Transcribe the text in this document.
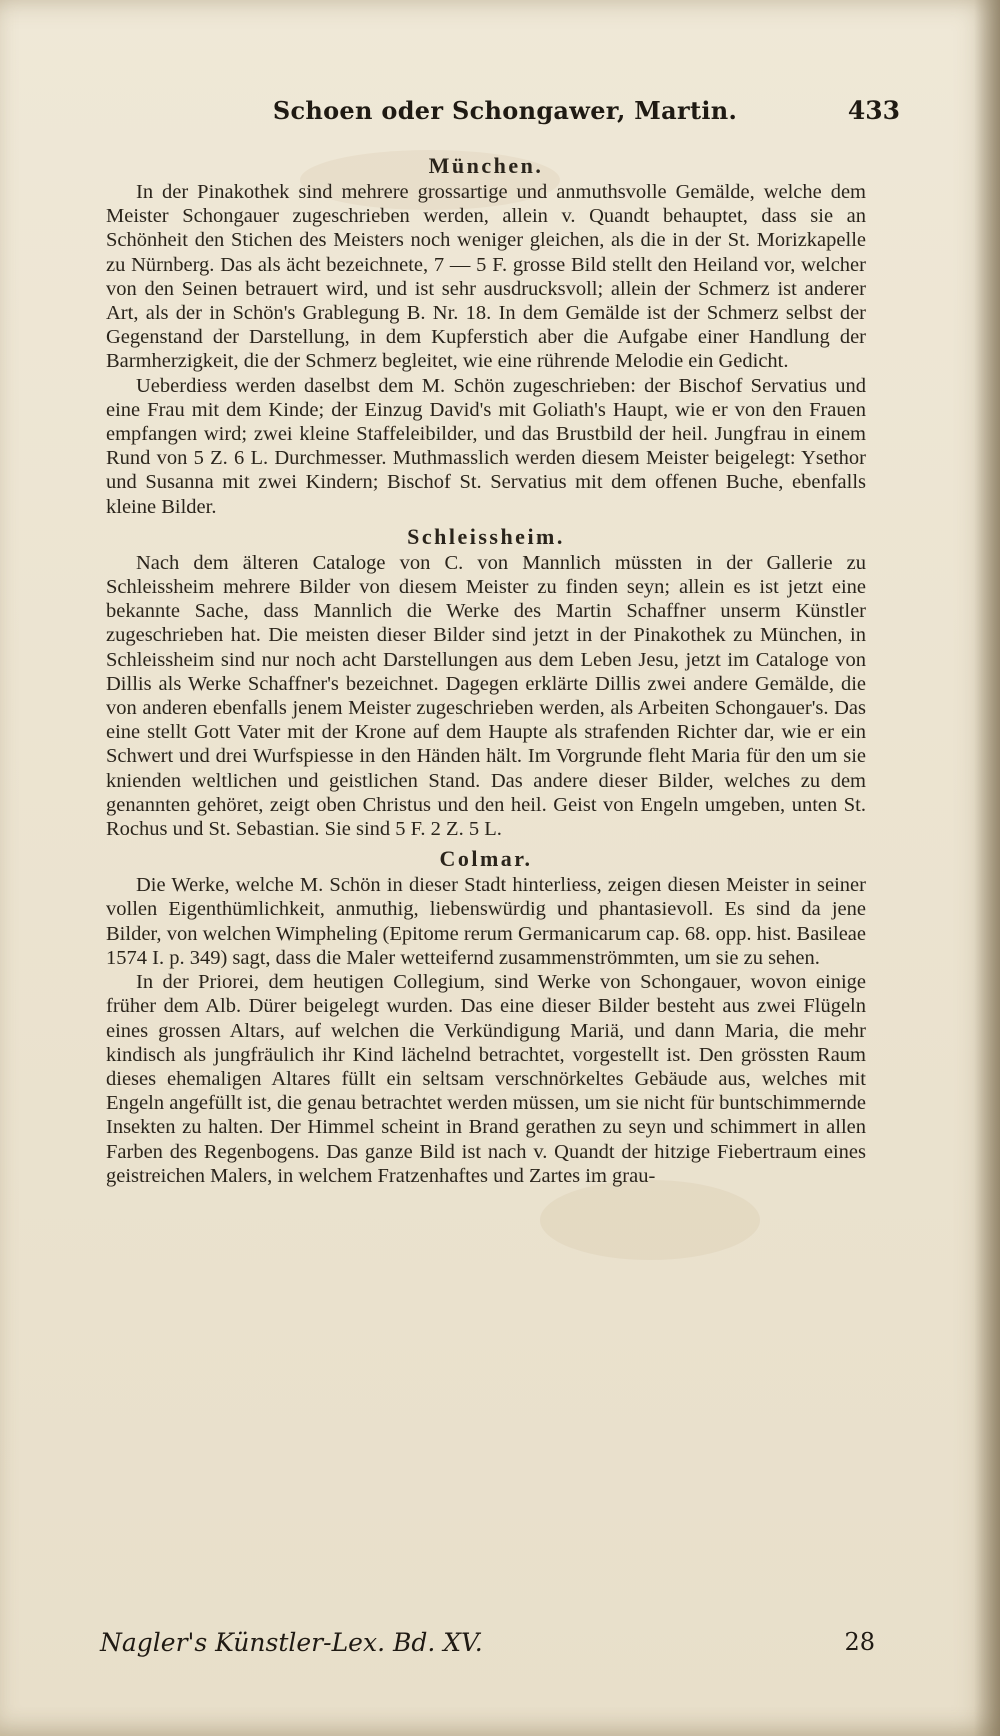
Schoen oder Schongawer, Martin.	433

München.

In der Pinakothek sind mehrere grossartige und anmuthsvolle Gemälde, welche dem Meister Schongauer zugeschrieben werden, allein v. Quandt behauptet, dass sie an Schönheit den Stichen des Meisters noch weniger gleichen, als die in der St. Morizkapelle zu Nürnberg. Das als ächt bezeichnete, 7 — 5 F. grosse Bild stellt den Heiland vor, welcher von den Seinen betrauert wird, und ist sehr ausdrucksvoll; allein der Schmerz ist anderer Art, als der in Schön's Grablegung B. Nr. 18. In dem Gemälde ist der Schmerz selbst der Gegenstand der Darstellung, in dem Kupferstich aber die Aufgabe einer Handlung der Barmherzigkeit, die der Schmerz begleitet, wie eine rührende Melodie ein Gedicht.

Ueberdiess werden daselbst dem M. Schön zugeschrieben: der Bischof Servatius und eine Frau mit dem Kinde; der Einzug David's mit Goliath's Haupt, wie er von den Frauen empfangen wird; zwei kleine Staffeleibilder, und das Brustbild der heil. Jungfrau in einem Rund von 5 Z. 6 L. Durchmesser. Muthmasslich werden diesem Meister beigelegt: Ysethor und Susanna mit zwei Kindern; Bischof St. Servatius mit dem offenen Buche, ebenfalls kleine Bilder.

Schleissheim.

Nach dem älteren Cataloge von C. von Mannlich müssten in der Gallerie zu Schleissheim mehrere Bilder von diesem Meister zu finden seyn; allein es ist jetzt eine bekannte Sache, dass Mannlich die Werke des Martin Schaffner unserm Künstler zugeschrieben hat. Die meisten dieser Bilder sind jetzt in der Pinakothek zu München, in Schleissheim sind nur noch acht Darstellungen aus dem Leben Jesu, jetzt im Cataloge von Dillis als Werke Schaffner's bezeichnet. Dagegen erklärte Dillis zwei andere Gemälde, die von anderen ebenfalls jenem Meister zugeschrieben werden, als Arbeiten Schongauer's. Das eine stellt Gott Vater mit der Krone auf dem Haupte als strafenden Richter dar, wie er ein Schwert und drei Wurfspiesse in den Händen hält. Im Vorgrunde fleht Maria für den um sie knienden weltlichen und geistlichen Stand. Das andere dieser Bilder, welches zu dem genannten gehöret, zeigt oben Christus und den heil. Geist von Engeln umgeben, unten St. Rochus und St. Sebastian. Sie sind 5 F. 2 Z. 5 L.

Colmar.

Die Werke, welche M. Schön in dieser Stadt hinterliess, zeigen diesen Meister in seiner vollen Eigenthümlichkeit, anmuthig, liebenswürdig und phantasievoll. Es sind da jene Bilder, von welchen Wimpheling (Epitome rerum Germanicarum cap. 68. opp. hist. Basileae 1574 I. p. 349) sagt, dass die Maler wetteifernd zusammenströmmten, um sie zu sehen.

In der Priorei, dem heutigen Collegium, sind Werke von Schongauer, wovon einige früher dem Alb. Dürer beigelegt wurden. Das eine dieser Bilder besteht aus zwei Flügeln eines grossen Altars, auf welchen die Verkündigung Mariä, und dann Maria, die mehr kindisch als jungfräulich ihr Kind lächelnd betrachtet, vorgestellt ist. Den grössten Raum dieses ehemaligen Altares füllt ein seltsam verschnörkeltes Gebäude aus, welches mit Engeln angefüllt ist, die genau betrachtet werden müssen, um sie nicht für buntschimmernde Insekten zu halten. Der Himmel scheint in Brand gerathen zu seyn und schimmert in allen Farben des Regenbogens. Das ganze Bild ist nach v. Quandt der hitzige Fiebertraum eines geistreichen Malers, in welchem Fratzenhaftes und Zartes im grau-

Nagler's Künstler-Lex. Bd. XV.	28
